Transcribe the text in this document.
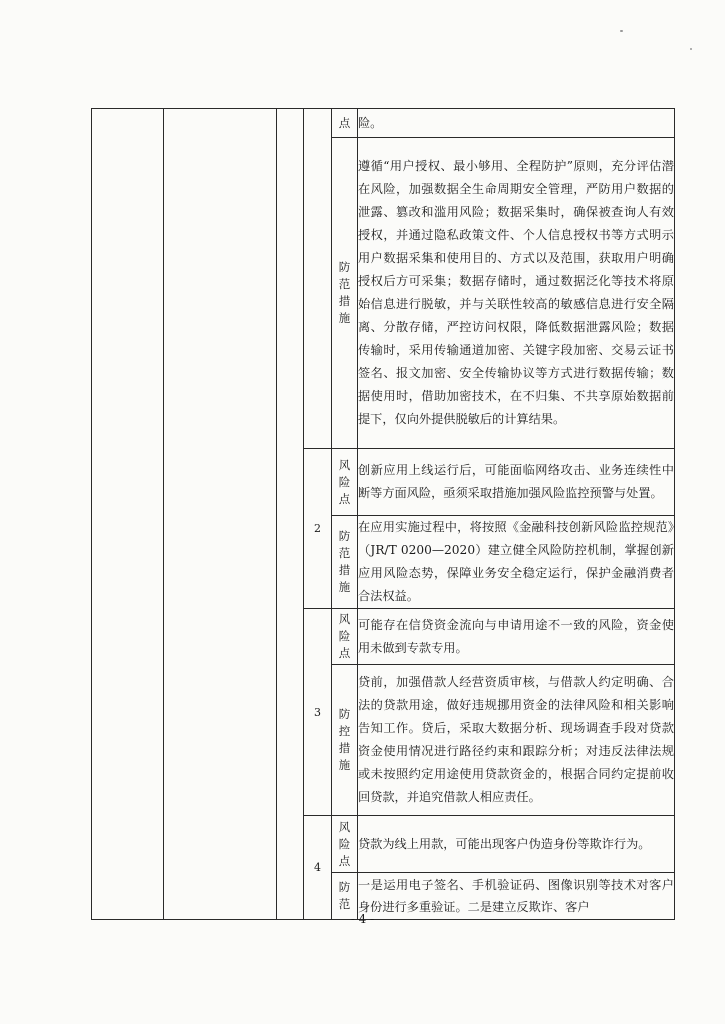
				点	险。

				防范措施	遵循“用户授权、最小够用、全程防护”原则，充分评估潜在风险，加强数据全生命周期安全管理，严防用户数据的泄露、篡改和滥用风险；数据采集时，确保被查询人有效授权，并通过隐私政策文件、个人信息授权书等方式明示用户数据采集和使用目的、方式以及范围，获取用户明确授权后方可采集；数据存储时，通过数据泛化等技术将原始信息进行脱敏，并与关联性较高的敏感信息进行安全隔离、分散存储，严控访问权限，降低数据泄露风险；数据传输时，采用传输通道加密、关键字段加密、交易云证书签名、报文加密、安全传输协议等方式进行数据传输；数据使用时，借助加密技术，在不归集、不共享原始数据前提下，仅向外提供脱敏后的计算结果。
			2	风险点	创新应用上线运行后，可能面临网络攻击、业务连续性中断等方面风险，亟须采取措施加强风险监控预警与处置。

				防范措施	在应用实施过程中，将按照《金融科技创新风险监控规范》（JR/T 0200—2020）建立健全风险防控机制，掌握创新应用风险态势，保障业务安全稳定运行，保护金融消费者合法权益。
			3	风险点	可能存在信贷资金流向与申请用途不一致的风险，资金使用未做到专款专用。

				防控措施	贷前，加强借款人经营资质审核，与借款人约定明确、合法的贷款用途，做好违规挪用资金的法律风险和相关影响告知工作。贷后，采取大数据分析、现场调查手段对贷款资金使用情况进行路径约束和跟踪分析；对违反法律法规或未按照约定用途使用贷款资金的，根据合同约定提前收回贷款，并追究借款人相应责任。
			4	风险点	贷款为线上用款，可能出现客户伪造身份等欺诈行为。

				防范	一是运用电子签名、手机验证码、图像识别等技术对客户身份进行多重验证。二是建立反欺诈、客户
- 4 -
